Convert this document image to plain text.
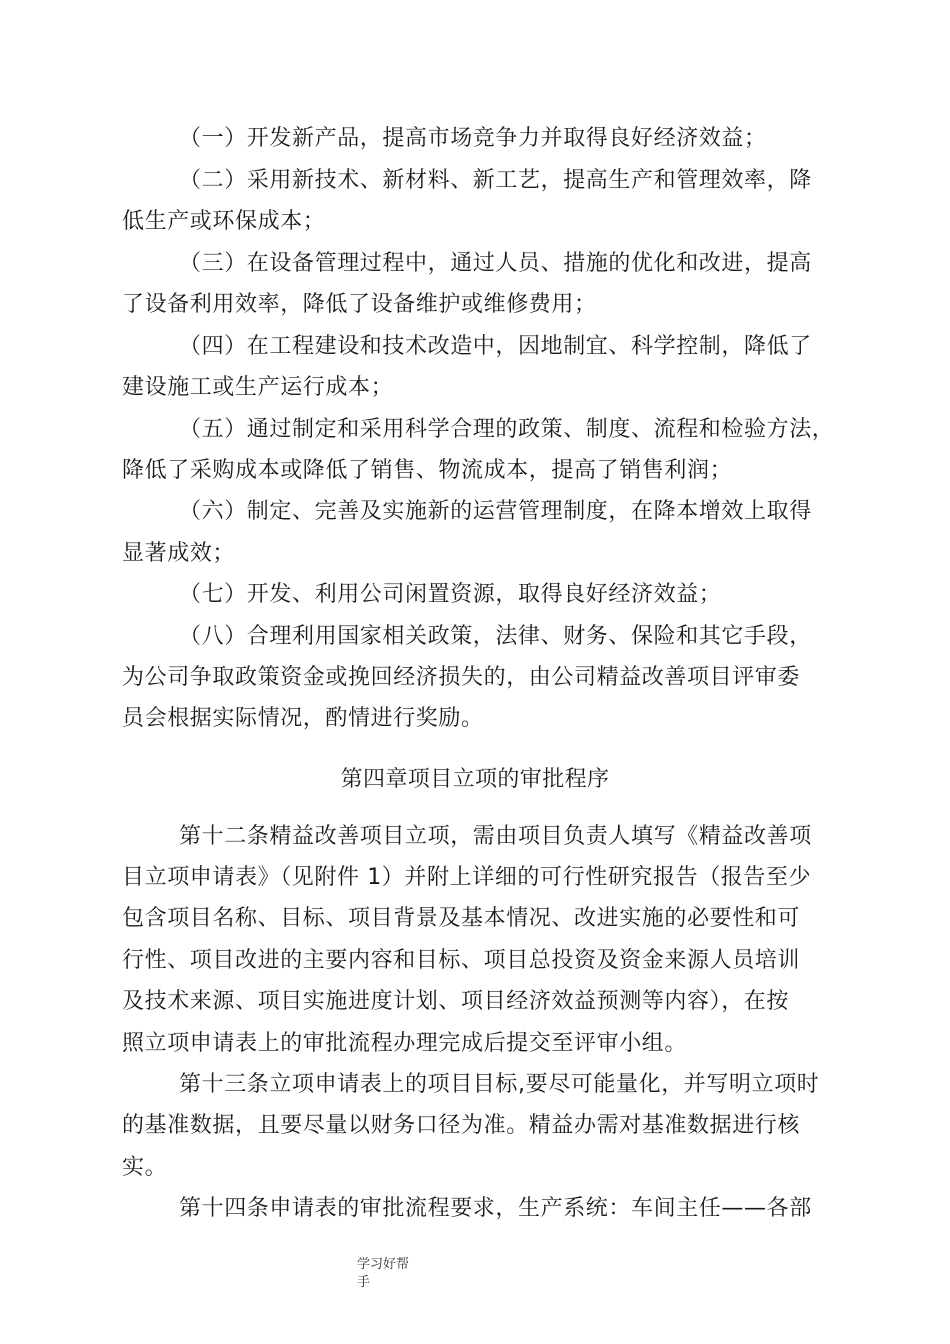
（一）开发新产品，提高市场竞争力并取得良好经济效益；
（二）采用新技术、新材料、新工艺，提高生产和管理效率，降
低生产或环保成本；
（三）在设备管理过程中，通过人员、措施的优化和改进，提高
了设备利用效率，降低了设备维护或维修费用；
（四）在工程建设和技术改造中，因地制宜、科学控制，降低了
建设施工或生产运行成本；
（五）通过制定和采用科学合理的政策、制度、流程和检验方法，
降低了采购成本或降低了销售、物流成本，提高了销售利润；
（六）制定、完善及实施新的运营管理制度，在降本增效上取得
显著成效；
（七）开发、利用公司闲置资源，取得良好经济效益；
（八）合理利用国家相关政策，法律、财务、保险和其它手段，
为公司争取政策资金或挽回经济损失的，由公司精益改善项目评审委
员会根据实际情况，酌情进行奖励。
第四章项目立项的审批程序
第十二条精益改善项目立项，需由项目负责人填写《精益改善项
目立项申请表》（见附件 1）并附上详细的可行性研究报告（报告至少
包含项目名称、目标、项目背景及基本情况、改进实施的必要性和可
行性、项目改进的主要内容和目标、项目总投资及资金来源人员培训
及技术来源、项目实施进度计划、项目经济效益预测等内容），在按
照立项申请表上的审批流程办理完成后提交至评审小组。
第十三条立项申请表上的项目目标,要尽可能量化，并写明立项时
的基准数据，且要尽量以财务口径为准。精益办需对基准数据进行核
实。
第十四条申请表的审批流程要求，生产系统：车间主任——各部
学习好帮
手
